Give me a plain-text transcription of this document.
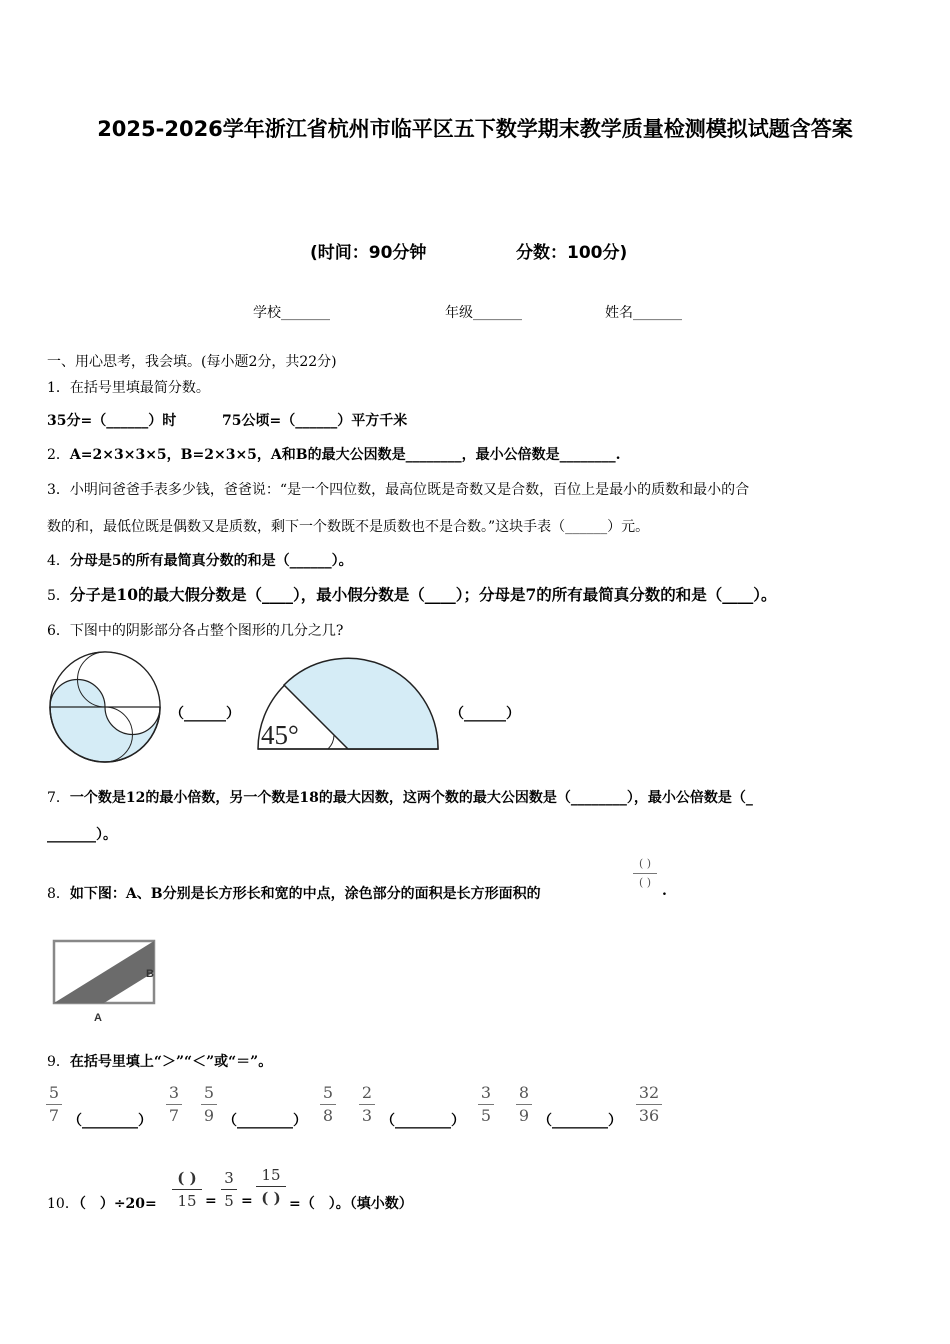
2025-2026学年浙江省杭州市临平区五下数学期末教学质量检测模拟试题含答案
(时间：90分钟	分数：100分)
学校_______	年级_______	姓名_______
一、用心思考，我会填。(每小题2分，共22分)
1．在括号里填最简分数。
35分=（______）时	75公顷=（______）平方千米
2．A=2×3×3×5，B=2×3×5，A和B的最大公因数是________，最小公倍数是________.
3．小明问爸爸手表多少钱，爸爸说：“是一个四位数，最高位既是奇数又是合数，百位上是最小的质数和最小的合
数的和，最低位既是偶数又是质数，剩下一个数既不是质数也不是合数。”这块手表（______）元。
4．分母是5的所有最简真分数的和是（______）。
5．分子是10的最大假分数是（____），最小假分数是（____）；分母是7的所有最简真分数的和是（____）。
6．下图中的阴影部分各占整个图形的几分之几?
（______）
45°
（______）
7．一个数是12的最小倍数，另一个数是18的最大因数，这两个数的最大公因数是（________），最小公倍数是（_
_______）。
8．如下图：A、B分别是长方形长和宽的中点，涂色部分的面积是长方形面积的
( )
( )
.
B
A
9．在括号里填上“＞”“＜”或“＝”。
5
7 （________）
3
7
5
9 （________）
5
8
2
3 （________）
3
5
8
9 （________）
32
36
10．（　）÷20=
( )
15 =
3
5 =
15
( ) =（　）。（填小数）
